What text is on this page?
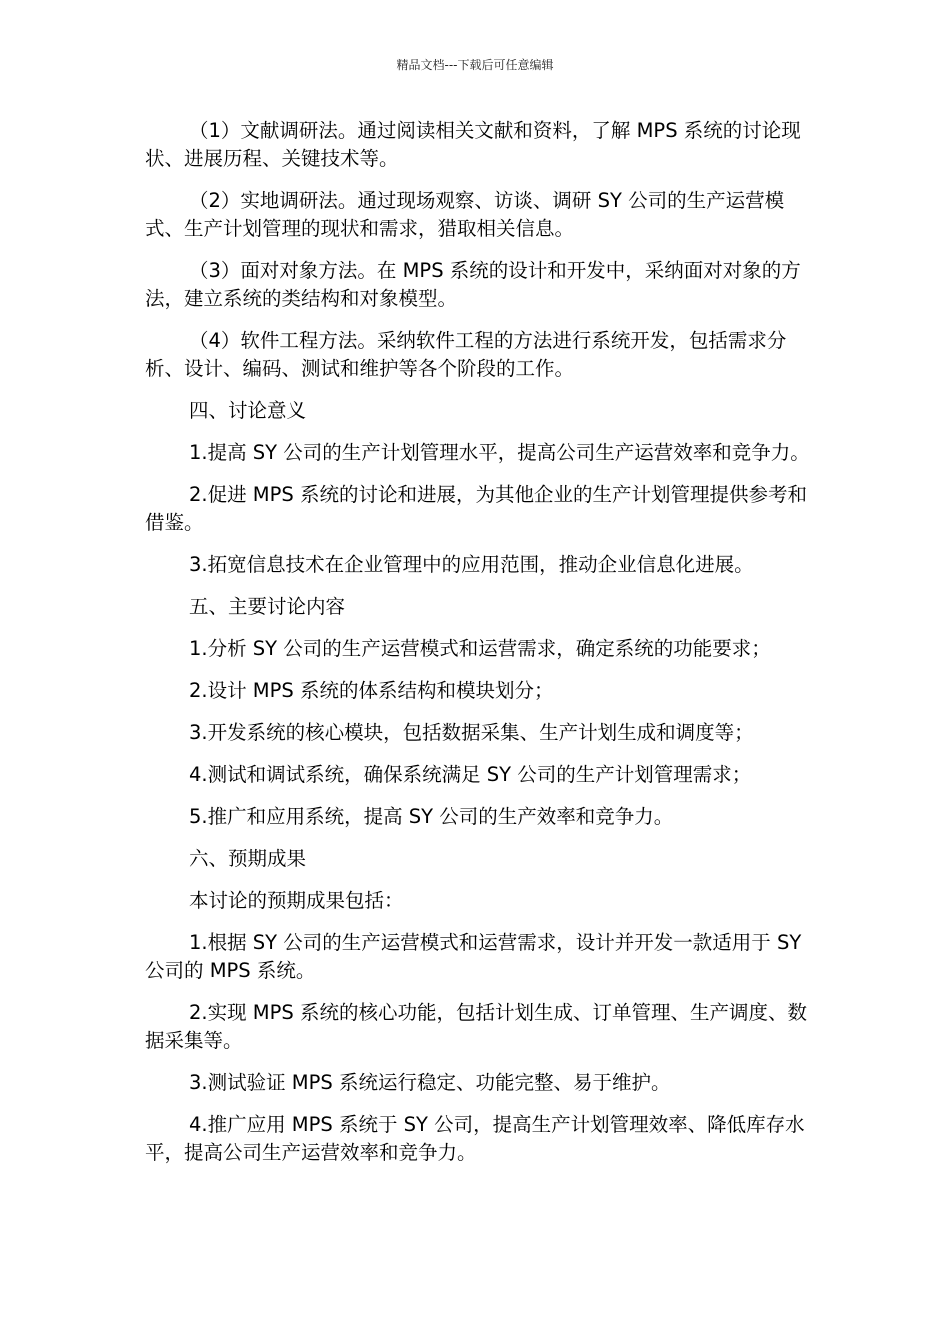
精品文档---下载后可任意编辑

（1）文献调研法。通过阅读相关文献和资料，了解 MPS 系统的讨论现状、进展历程、关键技术等。

（2）实地调研法。通过现场观察、访谈、调研 SY 公司的生产运营模式、生产计划管理的现状和需求，猎取相关信息。

（3）面对对象方法。在 MPS 系统的设计和开发中，采纳面对对象的方法，建立系统的类结构和对象模型。

（4）软件工程方法。采纳软件工程的方法进行系统开发，包括需求分析、设计、编码、测试和维护等各个阶段的工作。

四、讨论意义

1.提高 SY 公司的生产计划管理水平，提高公司生产运营效率和竞争力。

2.促进 MPS 系统的讨论和进展，为其他企业的生产计划管理提供参考和借鉴。

3.拓宽信息技术在企业管理中的应用范围，推动企业信息化进展。

五、主要讨论内容

1.分析 SY 公司的生产运营模式和运营需求，确定系统的功能要求；

2.设计 MPS 系统的体系结构和模块划分；

3.开发系统的核心模块，包括数据采集、生产计划生成和调度等；

4.测试和调试系统，确保系统满足 SY 公司的生产计划管理需求；

5.推广和应用系统，提高 SY 公司的生产效率和竞争力。

六、预期成果

本讨论的预期成果包括：

1.根据 SY 公司的生产运营模式和运营需求，设计并开发一款适用于 SY 公司的 MPS 系统。

2.实现 MPS 系统的核心功能，包括计划生成、订单管理、生产调度、数据采集等。

3.测试验证 MPS 系统运行稳定、功能完整、易于维护。

4.推广应用 MPS 系统于 SY 公司，提高生产计划管理效率、降低库存水平，提高公司生产运营效率和竞争力。
